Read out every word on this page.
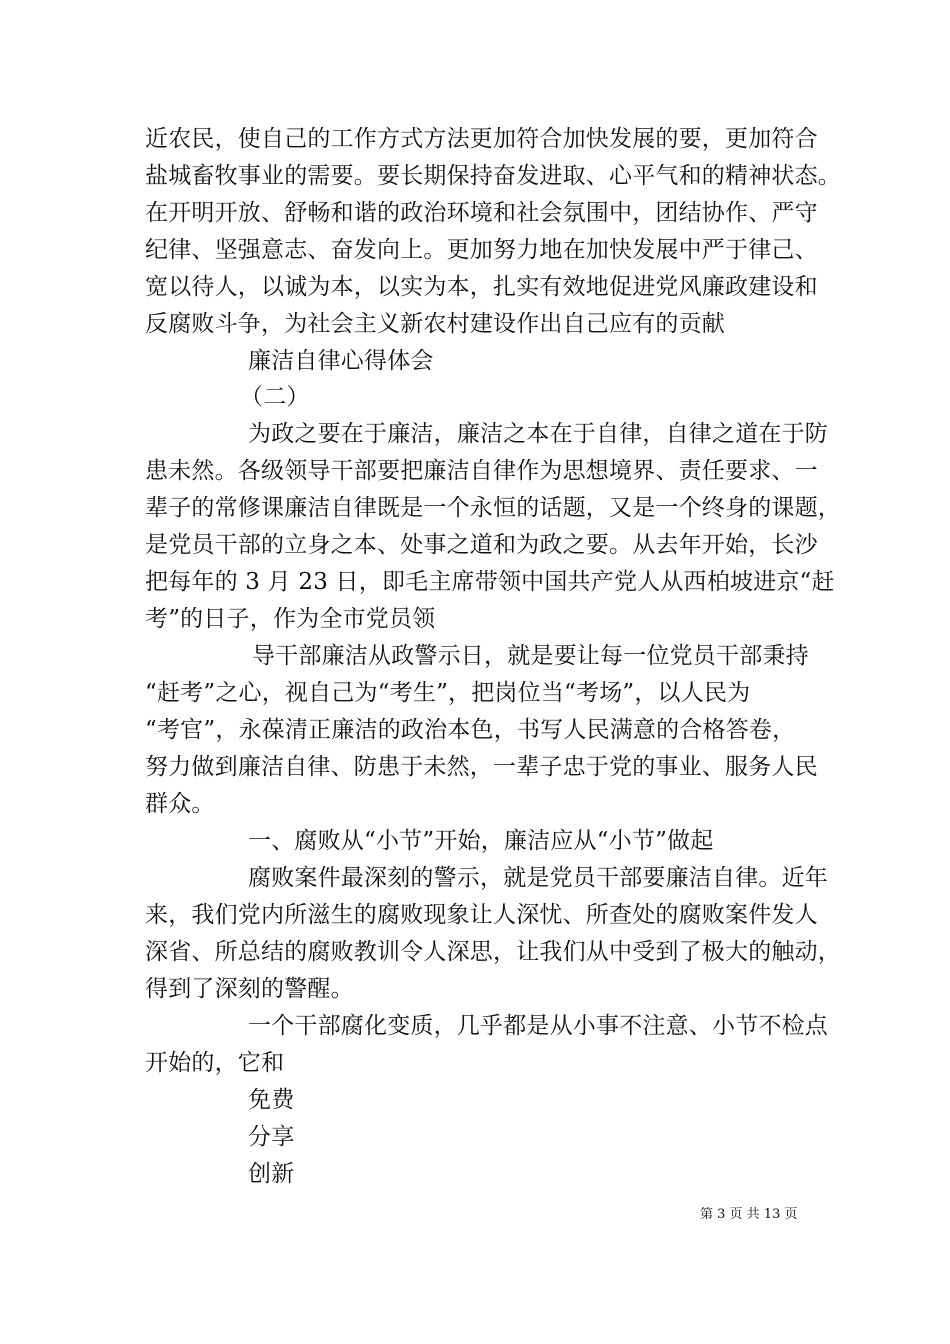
近农民，使自己的工作方式方法更加符合加快发展的要，更加符合
盐城畜牧事业的需要。要长期保持奋发进取、心平气和的精神状态。
在开明开放、舒畅和谐的政治环境和社会氛围中，团结协作、严守
纪律、坚强意志、奋发向上。更加努力地在加快发展中严于律己、
宽以待人，以诚为本，以实为本，扎实有效地促进党风廉政建设和
反腐败斗争，为社会主义新农村建设作出自己应有的贡献
廉洁自律心得体会
（二）
为政之要在于廉洁，廉洁之本在于自律，自律之道在于防
患未然。各级领导干部要把廉洁自律作为思想境界、责任要求、一
辈子的常修课廉洁自律既是一个永恒的话题，又是一个终身的课题，
是党员干部的立身之本、处事之道和为政之要。从去年开始，长沙
把每年的 3 月 23 日，即毛主席带领中国共产党人从西柏坡进京“赶
考”的日子，作为全市党员领
导干部廉洁从政警示日，就是要让每一位党员干部秉持
“赶考”之心，视自己为“考生”，把岗位当“考场”，以人民为
“考官”，永葆清正廉洁的政治本色，书写人民满意的合格答卷，
努力做到廉洁自律、防患于未然，一辈子忠于党的事业、服务人民
群众。
一、腐败从“小节”开始，廉洁应从“小节”做起
腐败案件最深刻的警示，就是党员干部要廉洁自律。近年
来，我们党内所滋生的腐败现象让人深忧、所查处的腐败案件发人
深省、所总结的腐败教训令人深思，让我们从中受到了极大的触动，
得到了深刻的警醒。
一个干部腐化变质，几乎都是从小事不注意、小节不检点
开始的，它和
免费
分享
创新
第 3 页 共 13 页
